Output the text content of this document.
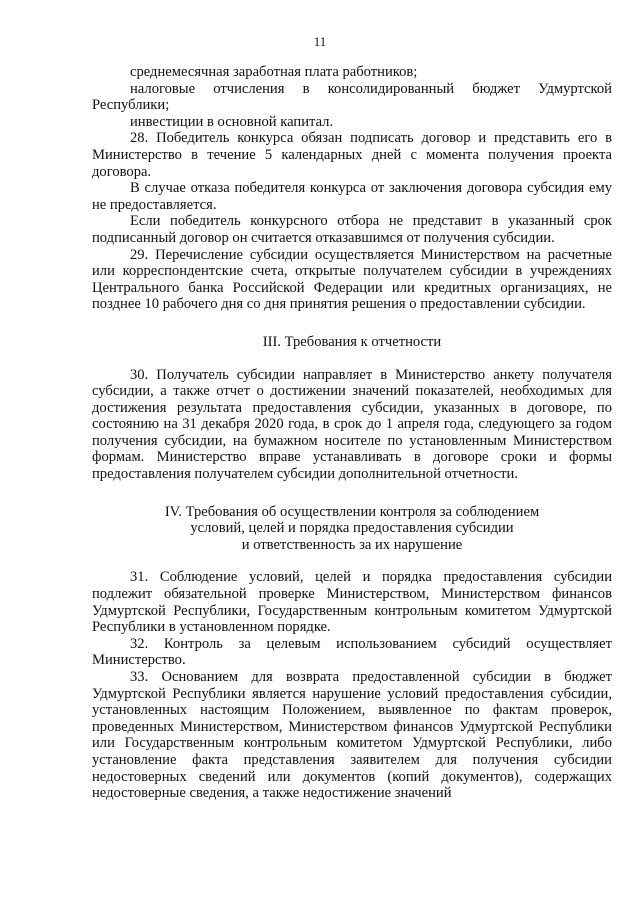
11

среднемесячная заработная плата работников;

налоговые отчисления в консолидированный бюджет Удмуртской Республики;

инвестиции в основной капитал.

28. Победитель конкурса обязан подписать договор и представить его в Министерство в течение 5 календарных дней с момента получения проекта договора.

В случае отказа победителя конкурса от заключения договора субсидия ему не предоставляется.

Если победитель конкурсного отбора не представит в указанный срок подписанный договор он считается отказавшимся от получения субсидии.

29. Перечисление субсидии осуществляется Министерством на расчетные или корреспондентские счета, открытые получателем субсидии в учреждениях Центрального банка Российской Федерации или кредитных организациях, не позднее 10 рабочего дня со дня принятия решения о предоставлении субсидии.

III. Требования к отчетности

30. Получатель субсидии направляет в Министерство анкету получателя субсидии, а также отчет о достижении значений показателей, необходимых для достижения результата предоставления субсидии, указанных в договоре, по состоянию на 31 декабря 2020 года, в срок до 1 апреля года, следующего за годом получения субсидии, на бумажном носителе по установленным Министерством формам. Министерство вправе устанавливать в договоре сроки и формы предоставления получателем субсидии дополнительной отчетности.

IV. Требования об осуществлении контроля за соблюдением
условий, целей и порядка предоставления субсидии
и ответственность за их нарушение

31. Соблюдение условий, целей и порядка предоставления субсидии подлежит обязательной проверке Министерством, Министерством финансов Удмуртской Республики, Государственным контрольным комитетом Удмуртской Республики в установленном порядке.

32. Контроль за целевым использованием субсидий осуществляет Министерство.

33. Основанием для возврата предоставленной субсидии в бюджет Удмуртской Республики является нарушение условий предоставления субсидии, установленных настоящим Положением, выявленное по фактам проверок, проведенных Министерством, Министерством финансов Удмуртской Республики или Государственным контрольным комитетом Удмуртской Республики, либо установление факта представления заявителем для получения субсидии недостоверных сведений или документов (копий документов), содержащих недостоверные сведения, а также недостижение значений
